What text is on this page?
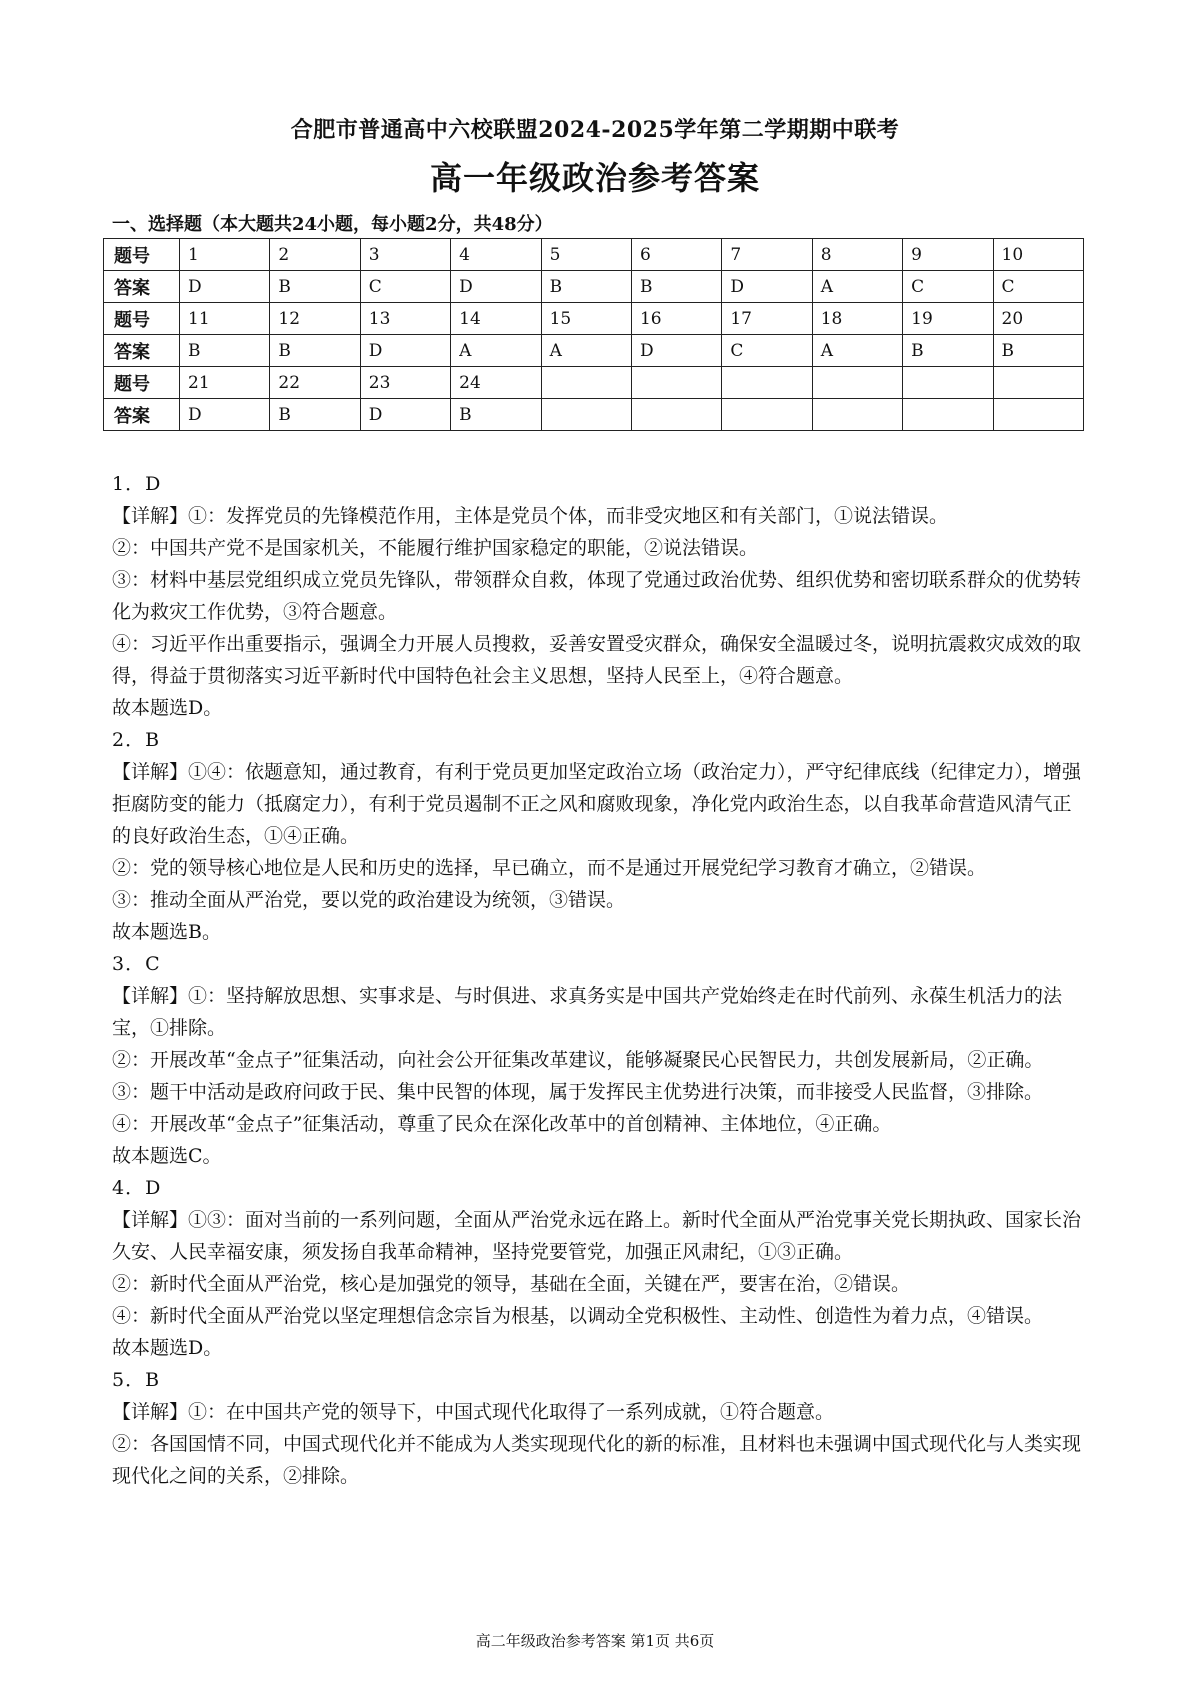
合肥市普通高中六校联盟2024-2025学年第二学期期中联考
高一年级政治参考答案
一、选择题（本大题共24小题，每小题2分，共48分）
题号	1	2	3	4	5	6	7	8	9	10
答案	D	B	C	D	B	B	D	A	C	C
题号	11	12	13	14	15	16	17	18	19	20
答案	B	B	D	A	A	D	C	A	B	B
题号	21	22	23	24						
答案	D	B	D	B						

1．D

【详解】①：发挥党员的先锋模范作用，主体是党员个体，而非受灾地区和有关部门，①说法错误。

②：中国共产党不是国家机关，不能履行维护国家稳定的职能，②说法错误。

③：材料中基层党组织成立党员先锋队，带领群众自救，体现了党通过政治优势、组织优势和密切联系群众的优势转化为救灾工作优势，③符合题意。

④：习近平作出重要指示，强调全力开展人员搜救，妥善安置受灾群众，确保安全温暖过冬，说明抗震救灾成效的取得，得益于贯彻落实习近平新时代中国特色社会主义思想，坚持人民至上，④符合题意。

故本题选D。

2．B

【详解】①④：依题意知，通过教育，有利于党员更加坚定政治立场（政治定力），严守纪律底线（纪律定力），增强拒腐防变的能力（抵腐定力），有利于党员遏制不正之风和腐败现象，净化党内政治生态，以自我革命营造风清气正的良好政治生态，①④正确。

②：党的领导核心地位是人民和历史的选择，早已确立，而不是通过开展党纪学习教育才确立，②错误。

③：推动全面从严治党，要以党的政治建设为统领，③错误。

故本题选B。

3．C

【详解】①：坚持解放思想、实事求是、与时俱进、求真务实是中国共产党始终走在时代前列、永葆生机活力的法宝，①排除。

②：开展改革“金点子”征集活动，向社会公开征集改革建议，能够凝聚民心民智民力，共创发展新局，②正确。

③：题干中活动是政府问政于民、集中民智的体现，属于发挥民主优势进行决策，而非接受人民监督，③排除。

④：开展改革“金点子”征集活动，尊重了民众在深化改革中的首创精神、主体地位，④正确。

故本题选C。

4．D

【详解】①③：面对当前的一系列问题，全面从严治党永远在路上。新时代全面从严治党事关党长期执政、国家长治久安、人民幸福安康，须发扬自我革命精神，坚持党要管党，加强正风肃纪，①③正确。

②：新时代全面从严治党，核心是加强党的领导，基础在全面，关键在严，要害在治，②错误。

④：新时代全面从严治党以坚定理想信念宗旨为根基，以调动全党积极性、主动性、创造性为着力点，④错误。

故本题选D。

5．B

【详解】①：在中国共产党的领导下，中国式现代化取得了一系列成就，①符合题意。

②：各国国情不同，中国式现代化并不能成为人类实现现代化的新的标准，且材料也未强调中国式现代化与人类实现现代化之间的关系，②排除。

高二年级政治参考答案 第1页 共6页
